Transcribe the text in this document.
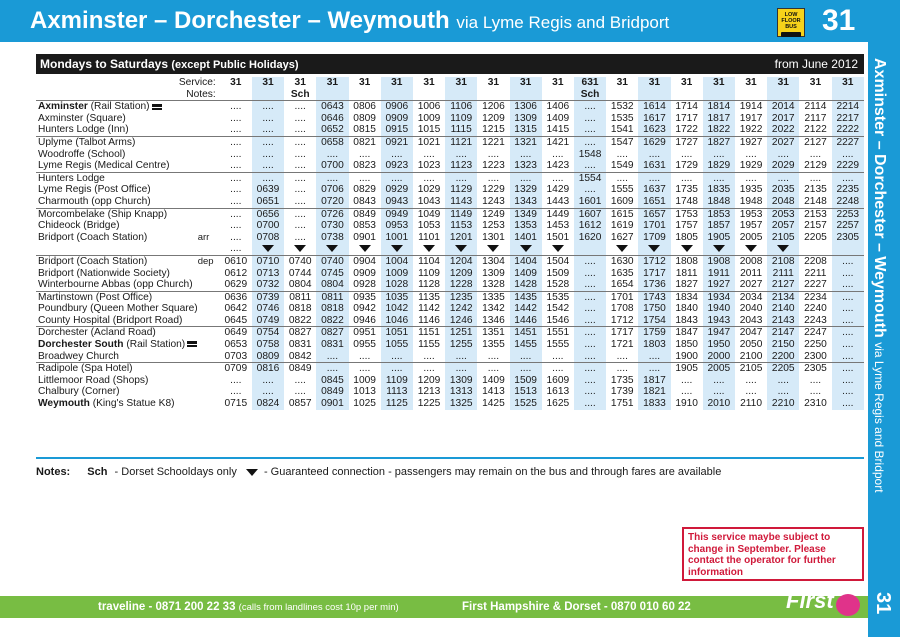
Axminster – Dorchester – Weymouth via Lyme Regis and Bridport	LOW
FLOOR
BUS 31
Axminster – Dorchester – Weymouth via Lyme Regis and Bridport
31
Mondays to Saturdays (except Public Holidays)	from June 2012
Service:		31	31	31	31	31	31	31	31	31	31	31	631	31	31	31	31	31	31	31	31
Notes:				Sch									Sch								
Axminster (Rail Station)		....	....	....	0643	0806	0906	1006	1106	1206	1306	1406	....	1532	1614	1714	1814	1914	2014	2114	2214
Axminster (Square)		....	....	....	0646	0809	0909	1009	1109	1209	1309	1409	....	1535	1617	1717	1817	1917	2017	2117	2217
Hunters Lodge (Inn)		....	....	....	0652	0815	0915	1015	1115	1215	1315	1415	....	1541	1623	1722	1822	1922	2022	2122	2222
Uplyme (Talbot Arms)		....	....	....	0658	0821	0921	1021	1121	1221	1321	1421	....	1547	1629	1727	1827	1927	2027	2127	2227
Woodroffe (School)		....	....	....	....	....	....	....	....	....	....	....	1548	....	....	....	....	....	....	....	....
Lyme Regis (Medical Centre)		....	....	....	0700	0823	0923	1023	1123	1223	1323	1423	....	1549	1631	1729	1829	1929	2029	2129	2229
Hunters Lodge		....	....	....	....	....	....	....	....	....	....	....	1554	....	....	....	....	....	....	....	....
Lyme Regis (Post Office)		....	0639	....	0706	0829	0929	1029	1129	1229	1329	1429	....	1555	1637	1735	1835	1935	2035	2135	2235
Charmouth (opp Church)		....	0651	....	0720	0843	0943	1043	1143	1243	1343	1443	1601	1609	1651	1748	1848	1948	2048	2148	2248
Morcombelake (Ship Knapp)		....	0656	....	0726	0849	0949	1049	1149	1249	1349	1449	1607	1615	1657	1753	1853	1953	2053	2153	2253
Chideock (Bridge)		....	0700	....	0730	0853	0953	1053	1153	1253	1353	1453	1612	1619	1701	1757	1857	1957	2057	2157	2257
Bridport (Coach Station)	arr	....	0708	....	0738	0901	1001	1101	1201	1301	1401	1501	1620	1627	1709	1805	1905	2005	2105	2205	2305
		....																			
Bridport (Coach Station)	dep	0610	0710	0740	0740	0904	1004	1104	1204	1304	1404	1504	....	1630	1712	1808	1908	2008	2108	2208	....
Bridport (Nationwide Society)		0612	0713	0744	0745	0909	1009	1109	1209	1309	1409	1509	....	1635	1717	1811	1911	2011	2111	2211	....
Winterbourne Abbas (opp Church)		0629	0732	0804	0804	0928	1028	1128	1228	1328	1428	1528	....	1654	1736	1827	1927	2027	2127	2227	....
Martinstown (Post Office)		0636	0739	0811	0811	0935	1035	1135	1235	1335	1435	1535	....	1701	1743	1834	1934	2034	2134	2234	....
Poundbury (Queen Mother Square)		0642	0746	0818	0818	0942	1042	1142	1242	1342	1442	1542	....	1708	1750	1840	1940	2040	2140	2240	....
County Hospital (Bridport Road)		0645	0749	0822	0822	0946	1046	1146	1246	1346	1446	1546	....	1712	1754	1843	1943	2043	2143	2243	....
Dorchester (Acland Road)		0649	0754	0827	0827	0951	1051	1151	1251	1351	1451	1551	....	1717	1759	1847	1947	2047	2147	2247	....
Dorchester South (Rail Station)		0653	0758	0831	0831	0955	1055	1155	1255	1355	1455	1555	....	1721	1803	1850	1950	2050	2150	2250	....
Broadwey Church		0703	0809	0842	....	....	....	....	....	....	....	....	....	....	....	1900	2000	2100	2200	2300	....
Radipole (Spa Hotel)		0709	0816	0849	....	....	....	....	....	....	....	....	....	....	....	1905	2005	2105	2205	2305	....
Littlemoor Road (Shops)		....	....	....	0845	1009	1109	1209	1309	1409	1509	1609	....	1735	1817	....	....	....	....	....	....
Chalbury (Corner)		....	....	....	0849	1013	1113	1213	1313	1413	1513	1613	....	1739	1821	....	....	....	....	....	....
Weymouth (King's Statue K8)		0715	0824	0857	0901	1025	1125	1225	1325	1425	1525	1625	....	1751	1833	1910	2010	2110	2210	2310	....
Notes: Sch - Dorset Schooldays only - Guaranteed connection - passengers may remain on the bus and through fares are available
This service maybe subject to change in September. Please contact the operator for further information
traveline - 0871 200 22 33 (calls from landlines cost 10p per min)	First Hampshire & Dorset - 0870 010 60 22	First
